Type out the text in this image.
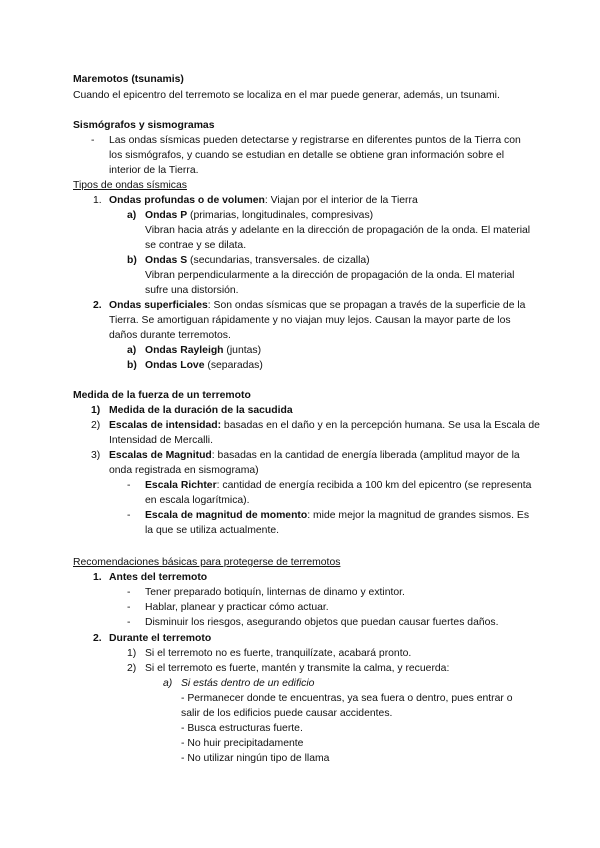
Maremotos (tsunamis)
Cuando el epicentro del terremoto se localiza en el mar puede generar, además, un tsunami.
Sismógrafos y sismogramas
- Las ondas sísmicas pueden detectarse y registrarse en diferentes puntos de la Tierra con
los sismógrafos, y cuando se estudian en detalle se obtiene gran información sobre el
interior de la Tierra.
Tipos de ondas sísmicas
1. Ondas profundas o de volumen: Viajan por el interior de la Tierra
a) Ondas P (primarias, longitudinales, compresivas)
Vibran hacia atrás y adelante en la dirección de propagación de la onda. El material
se contrae y se dilata.
b) Ondas S (secundarias, transversales. de cizalla)
Vibran perpendicularmente a la dirección de propagación de la onda. El material
sufre una distorsión.
2. Ondas superficiales: Son ondas sísmicas que se propagan a través de la superficie de la
Tierra. Se amortiguan rápidamente y no viajan muy lejos. Causan la mayor parte de los
daños durante terremotos.
a) Ondas Rayleigh (juntas)
b) Ondas Love (separadas)
Medida de la fuerza de un terremoto
1) Medida de la duración de la sacudida
2) Escalas de intensidad: basadas en el daño y en la percepción humana. Se usa la Escala de
Intensidad de Mercalli.
3) Escalas de Magnitud: basadas en la cantidad de energía liberada (amplitud mayor de la
onda registrada en sismograma)
- Escala Richter: cantidad de energía recibida a 100 km del epicentro (se representa
en escala logarítmica).
- Escala de magnitud de momento: mide mejor la magnitud de grandes sismos. Es
la que se utiliza actualmente.
Recomendaciones básicas para protegerse de terremotos
1. Antes del terremoto
- Tener preparado botiquín, linternas de dinamo y extintor.
- Hablar, planear y practicar cómo actuar.
- Disminuir los riesgos, asegurando objetos que puedan causar fuertes daños.
2. Durante el terremoto
1) Si el terremoto no es fuerte, tranquilízate, acabará pronto.
2) Si el terremoto es fuerte, mantén y transmite la calma, y recuerda:
a) Si estás dentro de un edificio
- Permanecer donde te encuentras, ya sea fuera o dentro, pues entrar o
salir de los edificios puede causar accidentes.
- Busca estructuras fuerte.
- No huir precipitadamente
- No utilizar ningún tipo de llama
